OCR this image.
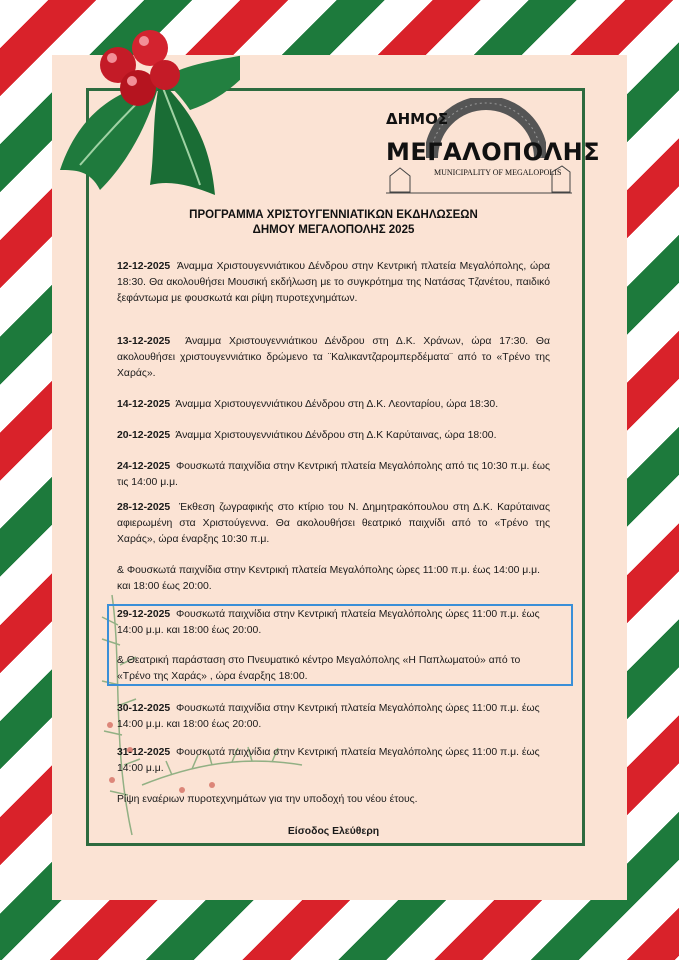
ΔΗΜΟΣ
ΜΕΓΑΛΟΠΟΛΗΣ
MUNICIPALITY OF MEGALOPOLIS
ΠΡΟΓΡΑΜΜΑ ΧΡΙΣΤΟΥΓΕΝΝΙΑΤΙΚΩΝ ΕΚΔΗΛΩΣΕΩΝ
ΔΗΜΟΥ ΜΕΓΑΛΟΠΟΛΗΣ 2025
12-12-2025 Άναμμα Χριστουγεννιάτικου Δένδρου στην Κεντρική πλατεία Μεγαλόπολης, ώρα 18:30. Θα ακολουθήσει Μουσική εκδήλωση με το συγκρότημα της Νατάσας Τζανέτου, παιδικό ξεφάντωμα με φουσκωτά και ρίψη πυροτεχνημάτων.
13-12-2025 Άναμμα Χριστουγεννιάτικου Δένδρου στη Δ.Κ. Χράνων, ώρα 17:30. Θα ακολουθήσει χριστουγεννιάτικο δρώμενο τα ¨Καλικαντζαρομπερδέματα¨ από το «Τρένο της Χαράς».
14-12-2025 Άναμμα Χριστουγεννιάτικου Δένδρου στη Δ.Κ. Λεονταρίου, ώρα 18:30.
20-12-2025 Άναμμα Χριστουγεννιάτικου Δένδρου στη Δ.Κ Καρύταινας, ώρα 18:00.
24-12-2025 Φουσκωτά παιχνίδια στην Κεντρική πλατεία Μεγαλόπολης από τις 10:30 π.μ. έως τις 14:00 μ.μ.
28-12-2025 Έκθεση ζωγραφικής στο κτίριο του Ν. Δημητρακόπουλου στη Δ.Κ. Καρύταινας αφιερωμένη στα Χριστούγεννα. Θα ακολουθήσει θεατρικό παιχνίδι από το «Τρένο της Χαράς», ώρα έναρξης 10:30 π.μ.
& Φουσκωτά παιχνίδια στην Κεντρική πλατεία Μεγαλόπολης ώρες 11:00 π.μ. έως 14:00 μ.μ. και 18:00 έως 20:00.
29-12-2025 Φουσκωτά παιχνίδια στην Κεντρική πλατεία Μεγαλόπολης ώρες 11:00 π.μ. έως 14:00 μ.μ. και 18:00 έως 20:00.
& Θεατρική παράσταση στο Πνευματικό κέντρο Μεγαλόπολης «Η Παπλωματού» από το «Τρένο της Χαράς» , ώρα έναρξης 18:00.
30-12-2025 Φουσκωτά παιχνίδια στην Κεντρική πλατεία Μεγαλόπολης ώρες 11:00 π.μ. έως 14:00 μ.μ. και 18:00 έως 20:00.
31-12-2025 Φουσκωτά παιχνίδια στην Κεντρική πλατεία Μεγαλόπολης ώρες 11:00 π.μ. έως 14:00 μ.μ.
Ρίψη εναέριων πυροτεχνημάτων για την υποδοχή του νέου έτους.
Είσοδος Ελεύθερη
